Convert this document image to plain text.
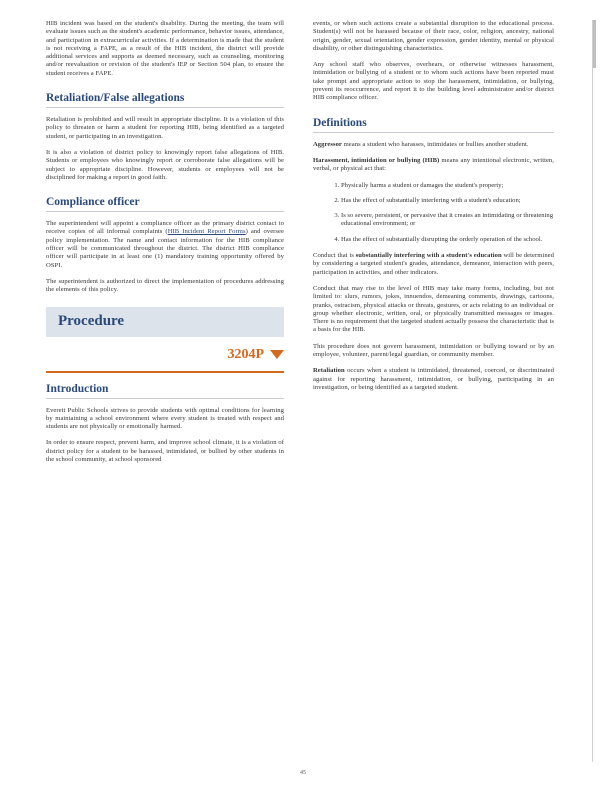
HIB incident was based on the student's disability. During the meeting, the team will evaluate issues such as the student's academic performance, behavior issues, attendance, and participation in extracurricular activities. If a determination is made that the student is not receiving a FAPE, as a result of the HIB incident, the district will provide additional services and supports as deemed necessary, such as counseling, monitoring and/or reevaluation or revision of the student's IEP or Section 504 plan, to ensure the student receives a FAPE.

Retaliation/False allegations

Retaliation is prohibited and will result in appropriate discipline. It is a violation of this policy to threaten or harm a student for reporting HIB, being identified as a targeted student, or participating in an investigation.

It is also a violation of district policy to knowingly report false allegations of HIB. Students or employees who knowingly report or corroborate false allegations will be subject to appropriate discipline. However, students or employees will not be disciplined for making a report in good faith.

Compliance officer

The superintendent will appoint a compliance officer as the primary district contact to receive copies of all informal complaints (HIB Incident Report Forms) and oversee policy implementation. The name and contact information for the HIB compliance officer will be communicated throughout the district. The district HIB compliance officer will participate in at least one (1) mandatory training opportunity offered by OSPI.

The superintendent is authorized to direct the implementation of procedures addressing the elements of this policy.

Procedure
3204P
Introduction

Everett Public Schools strives to provide students with optimal conditions for learning by maintaining a school environment where every student is treated with respect and students are not physically or emotionally harmed.

In order to ensure respect, prevent harm, and improve school climate, it is a violation of district policy for a student to be harassed, intimidated, or bullied by other students in the school community, at school sponsored

events, or when such actions create a substantial disruption to the educational process. Student(s) will not be harassed because of their race, color, religion, ancestry, national origin, gender, sexual orientation, gender expression, gender identity, mental or physical disability, or other distinguishing characteristics.

Any school staff who observes, overhears, or otherwise witnesses harassment, intimidation or bullying of a student or to whom such actions have been reported must take prompt and appropriate action to stop the harassment, intimidation, or bullying, prevent its reoccurrence, and report it to the building level administrator and/or district HIB compliance officer.

Definitions

Aggressor means a student who harasses, intimidates or bullies another student.

Harassment, intimidation or bullying (HIB) means any intentional electronic, written, verbal, or physical act that:

1. Physically harms a student or damages the student's property;
2. Has the effect of substantially interfering with a student's education;
3. Is so severe, persistent, or pervasive that it creates an intimidating or threatening educational environment; or
4. Has the effect of substantially disrupting the orderly operation of the school.

Conduct that is substantially interfering with a student's education will be determined by considering a targeted student's grades, attendance, demeanor, interaction with peers, participation in activities, and other indicators.

Conduct that may rise to the level of HIB may take many forms, including, but not limited to: slurs, rumors, jokes, innuendos, demeaning comments, drawings, cartoons, pranks, ostracism, physical attacks or threats, gestures, or acts relating to an individual or group whether electronic, written, oral, or physically transmitted messages or images. There is no requirement that the targeted student actually possess the characteristic that is a basis for the HIB.

This procedure does not govern harassment, intimidation or bullying toward or by an employee, volunteer, parent/legal guardian, or community member.

Retaliation occurs when a student is intimidated, threatened, coerced, or discriminated against for reporting harassment, intimidation, or bullying, participating in an investigation, or being identified as a targeted student.

45
